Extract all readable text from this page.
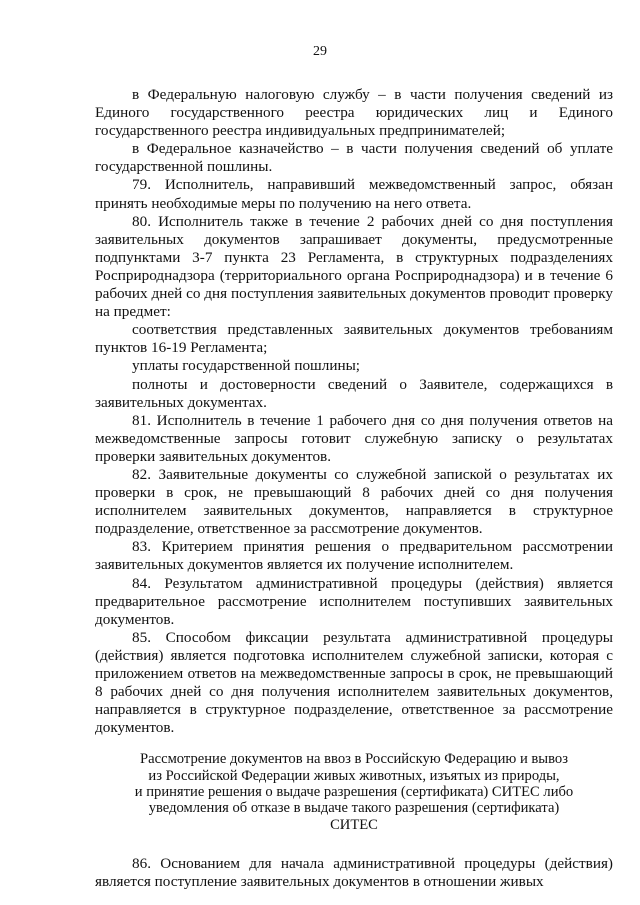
29

в Федеральную налоговую службу – в части получения сведений из Единого государственного реестра юридических лиц и Единого государственного реестра индивидуальных предпринимателей;

в Федеральное казначейство – в части получения сведений об уплате государственной пошлины.

79. Исполнитель, направивший межведомственный запрос, обязан принять необходимые меры по получению на него ответа.

80. Исполнитель также в течение 2 рабочих дней со дня поступления заявительных документов запрашивает документы, предусмотренные подпунктами 3-7 пункта 23 Регламента, в структурных подразделениях Росприроднадзора (территориального органа Росприроднадзора) и в течение 6 рабочих дней со дня поступления заявительных документов проводит проверку на предмет:

соответствия представленных заявительных документов требованиям пунктов 16-19 Регламента;

уплаты государственной пошлины;

полноты и достоверности сведений о Заявителе, содержащихся в заявительных документах.

81. Исполнитель в течение 1 рабочего дня со дня получения ответов на межведомственные запросы готовит служебную записку о результатах проверки заявительных документов.

82. Заявительные документы со служебной запиской о результатах их проверки в срок, не превышающий 8 рабочих дней со дня получения исполнителем заявительных документов, направляется в структурное подразделение, ответственное за рассмотрение документов.

83. Критерием принятия решения о предварительном рассмотрении заявительных документов является их получение исполнителем.

84. Результатом административной процедуры (действия) является предварительное рассмотрение исполнителем поступивших заявительных документов.

85. Способом фиксации результата административной процедуры (действия) является подготовка исполнителем служебной записки, которая с приложением ответов на межведомственные запросы в срок, не превышающий 8 рабочих дней со дня получения исполнителем заявительных документов, направляется в структурное подразделение, ответственное за рассмотрение документов.

Рассмотрение документов на ввоз в Российскую Федерацию и вывоз
из Российской Федерации живых животных, изъятых из природы,
и принятие решения о выдаче разрешения (сертификата) СИТЕС либо
уведомления об отказе в выдаче такого разрешения (сертификата)
СИТЕС

86. Основанием для начала административной процедуры (действия) является поступление заявительных документов в отношении живых
